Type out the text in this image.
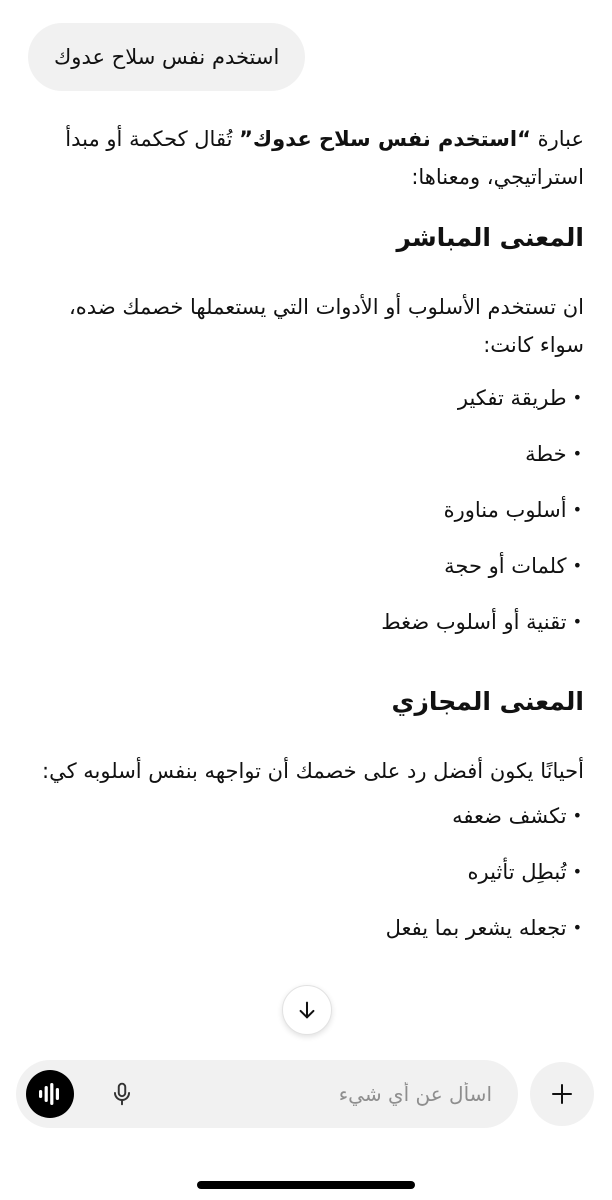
استخدم نفس سلاح عدوك

عبارة “استخدم نفس سلاح عدوك” تُقال كحكمة أو مبدأ استراتيجي، ومعناها:

المعنى المباشر

ان تستخدم الأسلوب أو الأدوات التي يستعملها خصمك ضده، سواء كانت:

•
طريقة تفكير
•
خطة
•
أسلوب مناورة
•
كلمات أو حجة
•
تقنية أو أسلوب ضغط
المعنى المجازي

أحيانًا يكون أفضل رد على خصمك أن تواجهه بنفس أسلوبه كي:

•
تكشف ضعفه
•
تُبطِل تأثيره
•
تجعله يشعر بما يفعل
اسأل عن أي شيء
